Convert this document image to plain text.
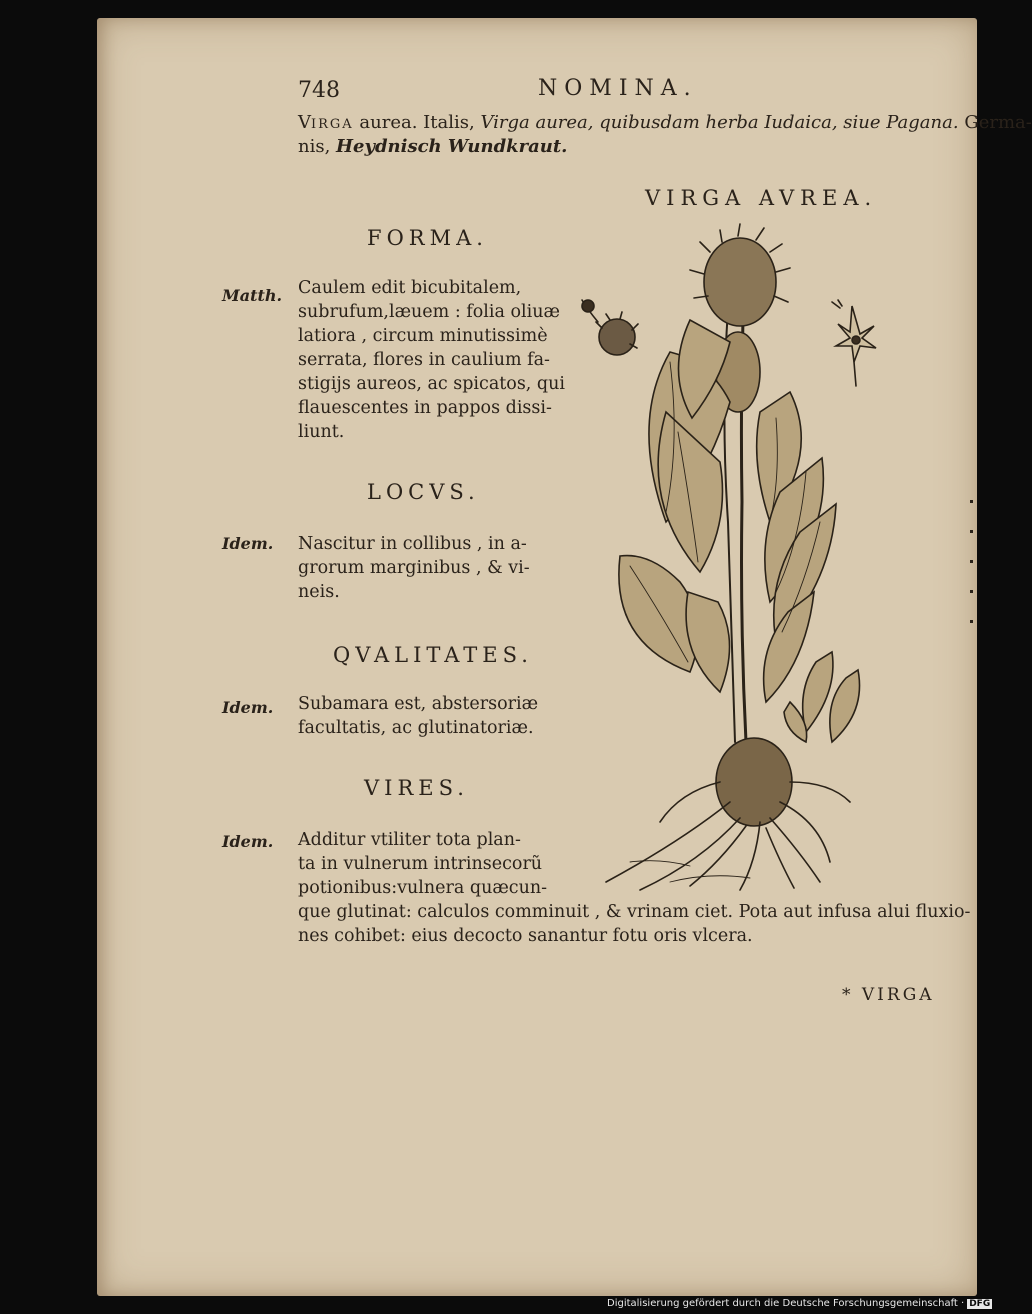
748	NOMINA.
VIRGA aurea. Italis, Virga aurea, quibusdam herba Iudaica, siue Pagana. Germa-
nis, Heydnisch Wundkraut.
VIRGA AVREA.
FORMA.
Matth. Caulem edit bicubitalem,
subrufum,læuem : folia oliuæ
latiora , circum minutissimè
serrata, flores in caulium fa-
stigijs aureos, ac spicatos, qui
flauescentes in pappos dissi-
liunt.
LOCVS.
Idem. Nascitur in collibus , in a-
grorum marginibus , & vi-
neis.
QVALITATES.
Idem. Subamara est, abstersoriæ
facultatis, ac glutinatoriæ.
VIRES.
Idem. Additur vtiliter tota plan-
ta in vulnerum intrinsecorũ
potionibus:vulnera quæcun-
que glutinat: calculos comminuit , & vrinam ciet. Pota aut infusa alui fluxio-
nes cohibet: eius decocto sanantur fotu oris vlcera.
* VIRGA
Digitalisierung gefördert durch die Deutsche Forschungsgemeinschaft · DFG
